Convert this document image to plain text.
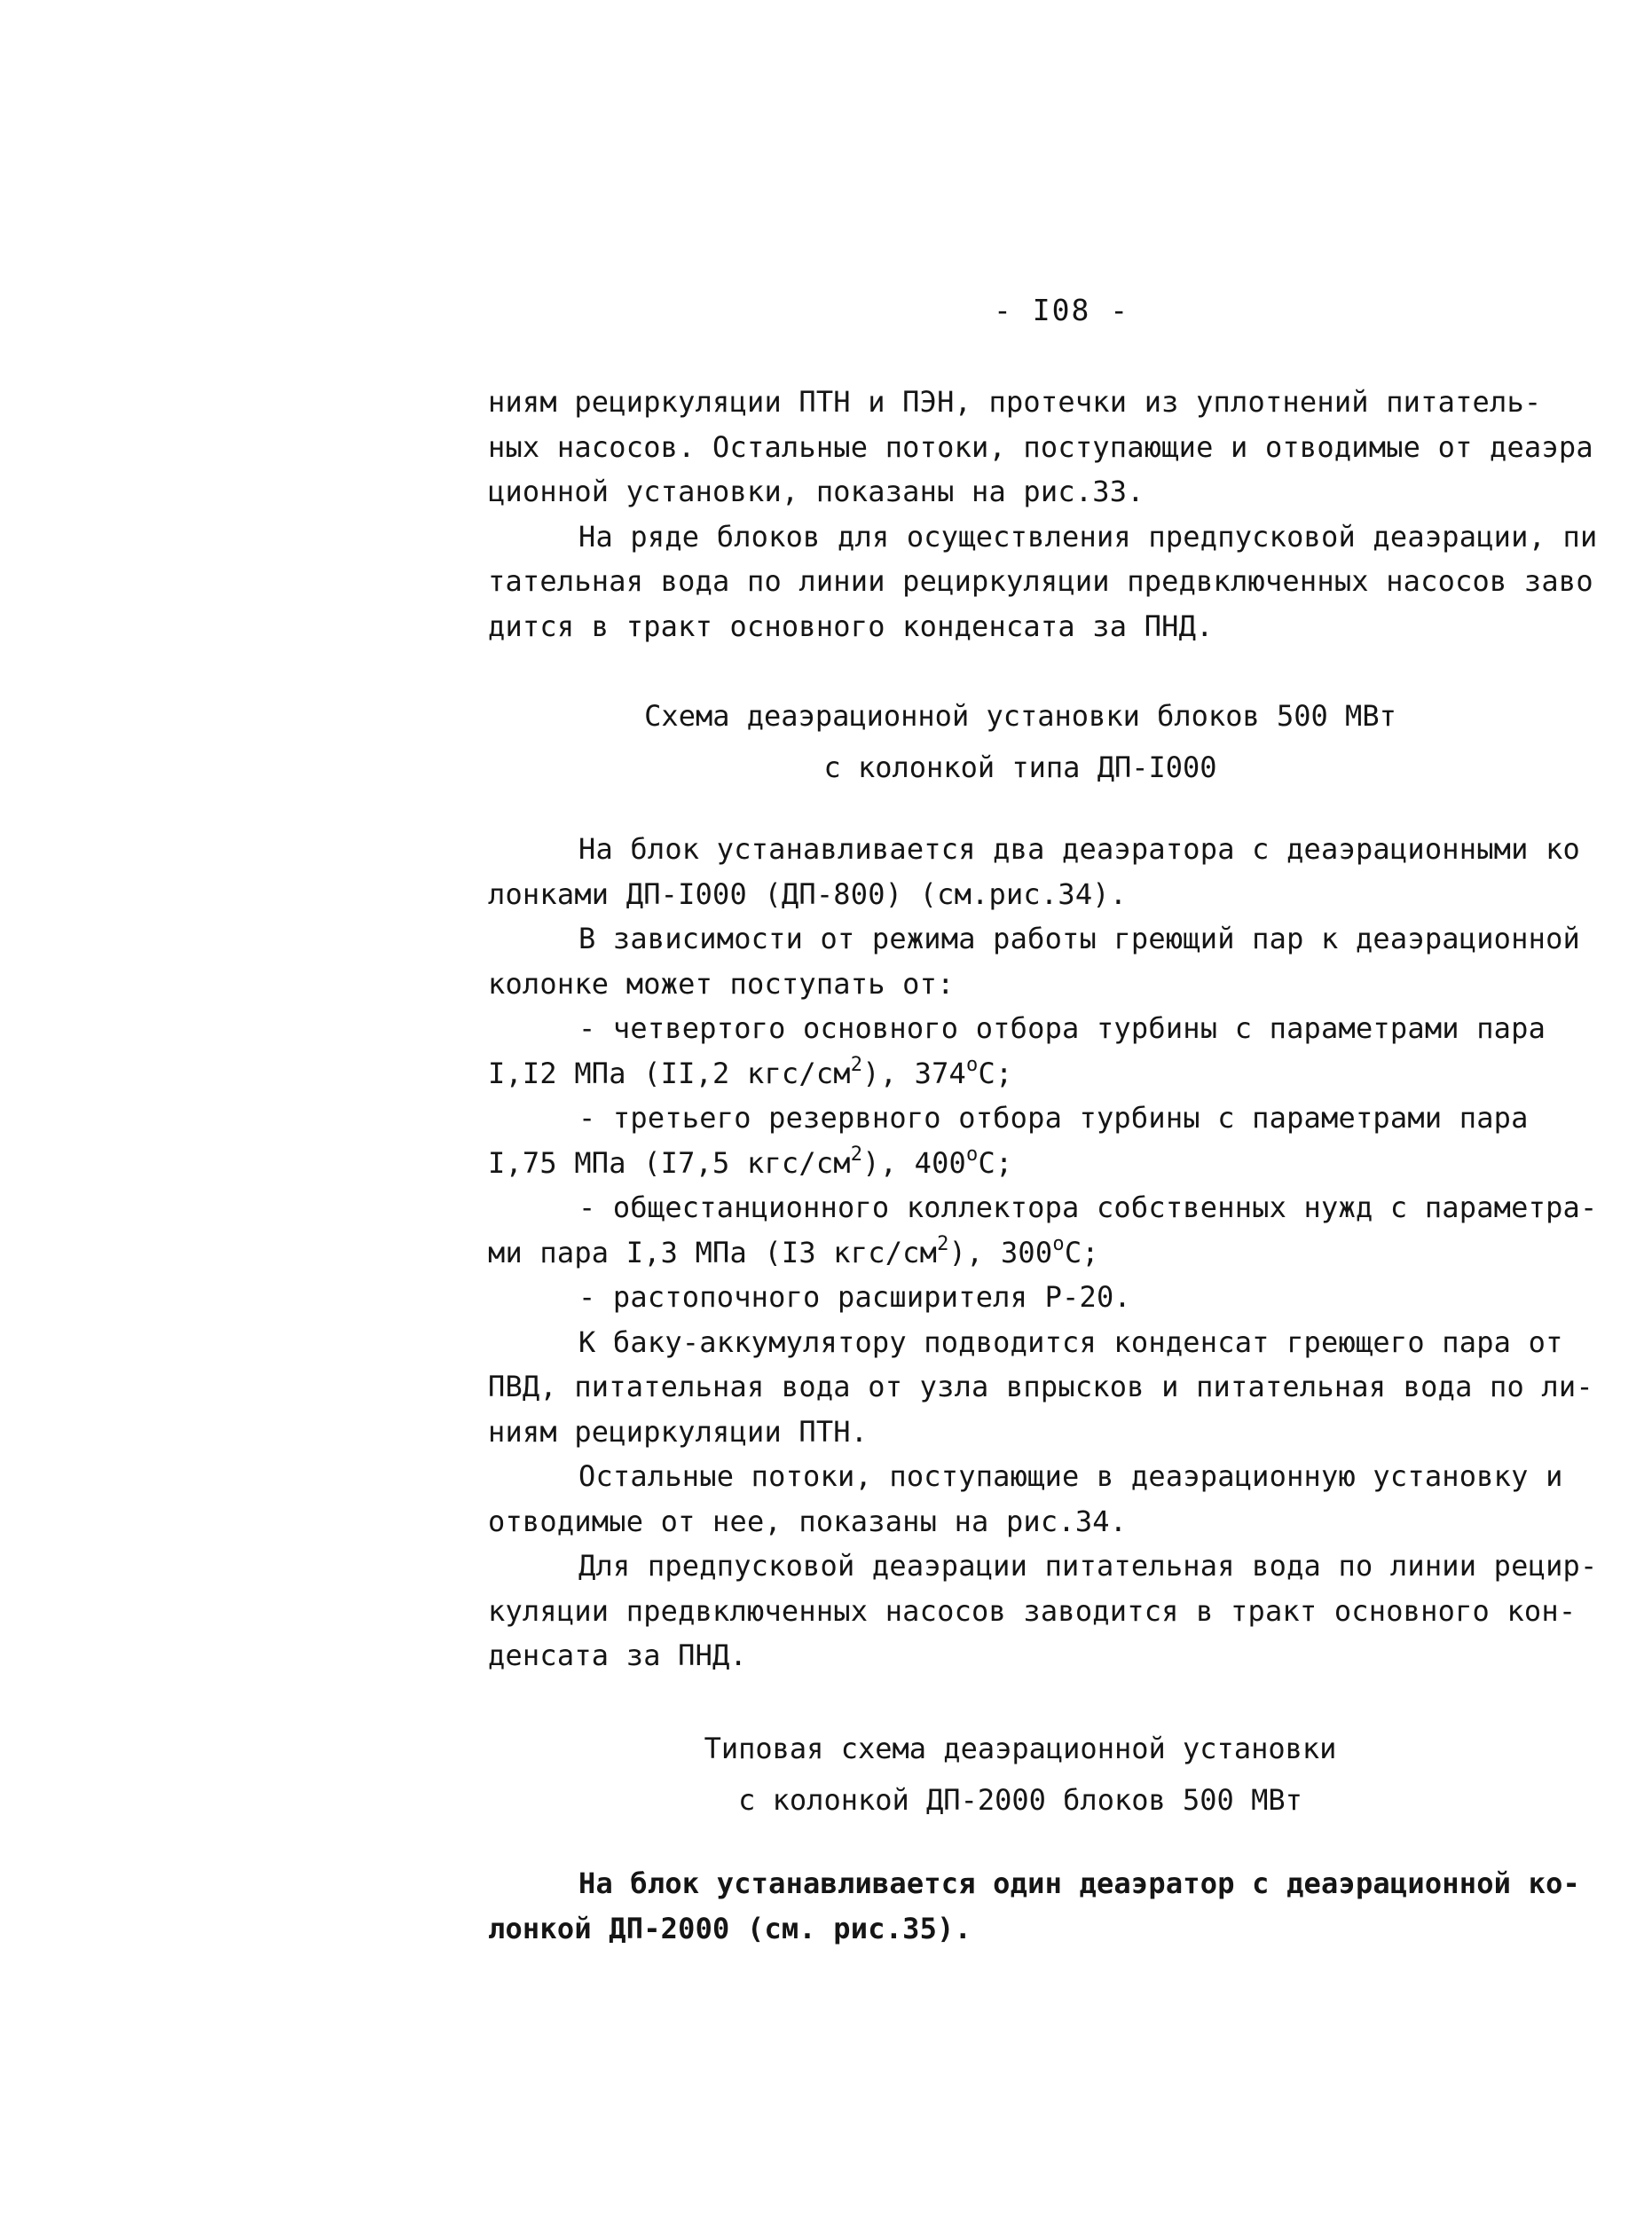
- I08 -
ниям рециркуляции ПТН и ПЭН, протечки из уплотнений питатель-
ных насосов. Остальные потоки, поступающие и отводимые от деаэра
ционной установки, показаны на рис.33.
На ряде блоков для осуществления предпусковой деаэрации, пи
тательная вода по линии рециркуляции предвключенных насосов заво
дится в тракт основного конденсата за ПНД.
Схема деаэрационной установки блоков 500 МВт
с колонкой типа ДП-I000
На блок устанавливается два деаэратора с деаэрационными ко
лонками ДП-I000 (ДП-800) (см.рис.34).
В зависимости от режима работы греющий пар к деаэрационной
колонке может поступать от:
- четвертого основного отбора турбины с параметрами пара
I,I2 МПа (II,2 кгс/$см^2$), $374^оС$;
- третьего резервного отбора турбины с параметрами пара
I,75 МПа (I7,5 кгс/$см^2$), $400^оС$;
- общестанционного коллектора собственных нужд с параметра-
ми пара I,3 МПа (I3 кгс/$см^2$), $300^оС$;
- растопочного расширителя Р-20.
К баку-аккумулятору подводится конденсат греющего пара от
ПВД, питательная вода от узла впрысков и питательная вода по ли-
ниям рециркуляции ПТН.
Остальные потоки, поступающие в деаэрационную установку и
отводимые от нее, показаны на рис.34.
Для предпусковой деаэрации питательная вода по линии рецир-
куляции предвключенных насосов заводится в тракт основного кон-
денсата за ПНД.
Типовая схема деаэрационной установки
с колонкой ДП-2000 блоков 500 МВт
На блок устанавливается один деаэратор с деаэрационной ко-
лонкой ДП-2000 (см. рис.35).
